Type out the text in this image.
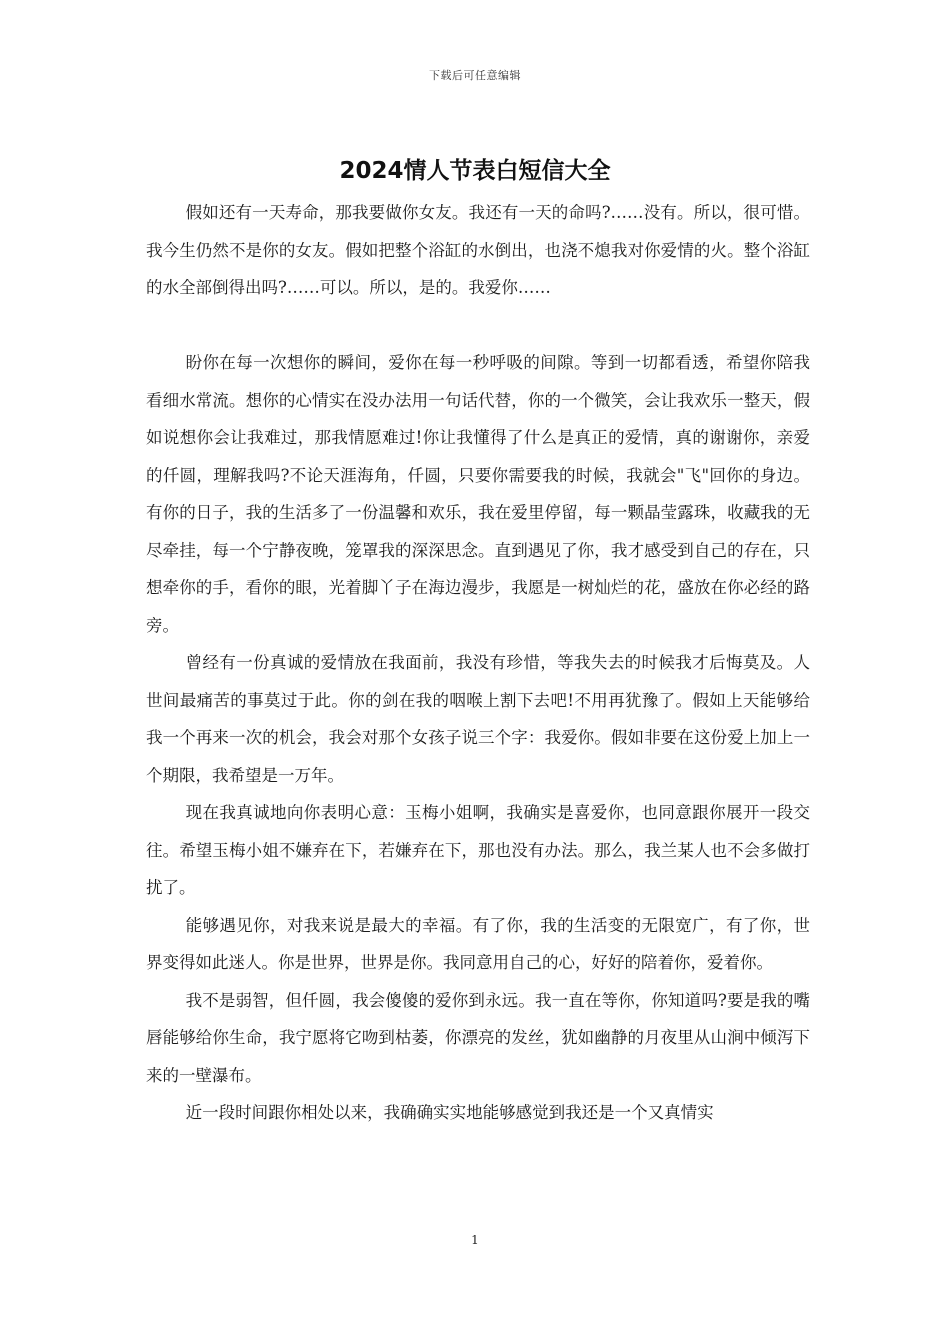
下载后可任意编辑
2024情人节表白短信大全

假如还有一天寿命，那我要做你女友。我还有一天的命吗?……没有。所以，很可惜。我今生仍然不是你的女友。假如把整个浴缸的水倒出，也浇不熄我对你爱情的火。整个浴缸的水全部倒得出吗?……可以。所以，是的。我爱你……

盼你在每一次想你的瞬间，爱你在每一秒呼吸的间隙。等到一切都看透，希望你陪我看细水常流。想你的心情实在没办法用一句话代替，你的一个微笑，会让我欢乐一整天，假如说想你会让我难过，那我情愿难过!你让我懂得了什么是真正的爱情，真的谢谢你，亲爱的仟圆，理解我吗?不论天涯海角，仟圆，只要你需要我的时候，我就会"飞"回你的身边。有你的日子，我的生活多了一份温馨和欢乐，我在爱里停留，每一颗晶莹露珠，收藏我的无尽牵挂，每一个宁静夜晚，笼罩我的深深思念。直到遇见了你，我才感受到自己的存在，只想牵你的手，看你的眼，光着脚丫子在海边漫步，我愿是一树灿烂的花，盛放在你必经的路旁。

曾经有一份真诚的爱情放在我面前，我没有珍惜，等我失去的时候我才后悔莫及。人世间最痛苦的事莫过于此。你的剑在我的咽喉上割下去吧!不用再犹豫了。假如上天能够给我一个再来一次的机会，我会对那个女孩子说三个字：我爱你。假如非要在这份爱上加上一个期限，我希望是一万年。

现在我真诚地向你表明心意：玉梅小姐啊，我确实是喜爱你，也同意跟你展开一段交往。希望玉梅小姐不嫌弃在下，若嫌弃在下，那也没有办法。那么，我兰某人也不会多做打扰了。

能够遇见你，对我来说是最大的幸福。有了你，我的生活变的无限宽广，有了你，世界变得如此迷人。你是世界，世界是你。我同意用自己的心，好好的陪着你，爱着你。

我不是弱智，但仟圆，我会傻傻的爱你到永远。我一直在等你，你知道吗?要是我的嘴唇能够给你生命，我宁愿将它吻到枯萎，你漂亮的发丝，犹如幽静的月夜里从山涧中倾泻下来的一壁瀑布。

近一段时间跟你相处以来，我确确实实地能够感觉到我还是一个又真情实

1
